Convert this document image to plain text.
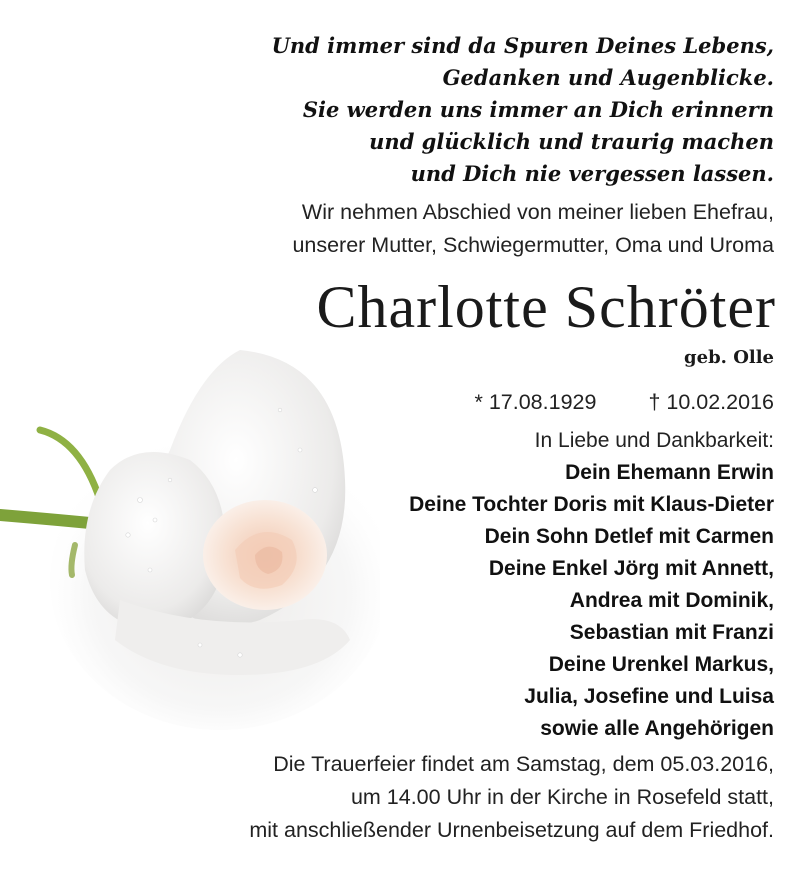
Und immer sind da Spuren Deines Lebens,
Gedanken und Augenblicke.
Sie werden uns immer an Dich erinnern
und glücklich und traurig machen
und Dich nie vergessen lassen.
Wir nehmen Abschied von meiner lieben Ehefrau,
unserer Mutter, Schwiegermutter, Oma und Uroma
Charlotte Schröter
geb. Olle
* 17.08.1929 † 10.02.2016
In Liebe und Dankbarkeit:
Dein Ehemann Erwin
Deine Tochter Doris mit Klaus-Dieter
Dein Sohn Detlef mit Carmen
Deine Enkel Jörg mit Annett,
Andrea mit Dominik,
Sebastian mit Franzi
Deine Urenkel Markus,
Julia, Josefine und Luisa
sowie alle Angehörigen
Die Trauerfeier findet am Samstag, dem 05.03.2016,
um 14.00 Uhr in der Kirche in Rosefeld statt,
mit anschließender Urnenbeisetzung auf dem Friedhof.
